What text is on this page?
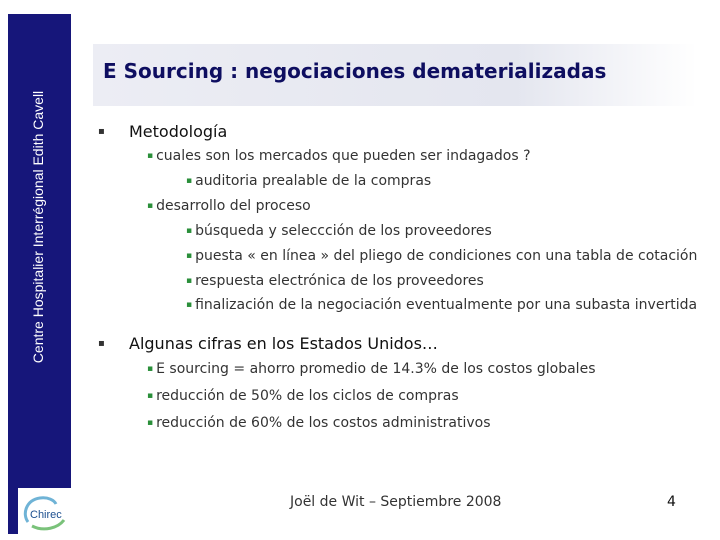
Centre Hospitalier Interrégional Edith Cavell
Chirec
E Sourcing : negociaciones dematerializadas
▪ Metodología
▪ cuales son los mercados que pueden ser indagados ?
▪ auditoria prealable de la compras
▪ desarrollo del proceso
▪ búsqueda y seleccción de los proveedores
▪ puesta « en línea » del pliego de condiciones con una tabla de cotación
▪ respuesta electrónica de los proveedores
▪ finalización de la negociación eventualmente por una subasta invertida
▪ Algunas cifras en los Estados Unidos…
▪ E sourcing = ahorro promedio de 14.3% de los costos globales
▪ reducción de 50% de los ciclos de compras
▪ reducción de 60% de los costos administrativos
Joël de Wit – Septiembre 2008	4
